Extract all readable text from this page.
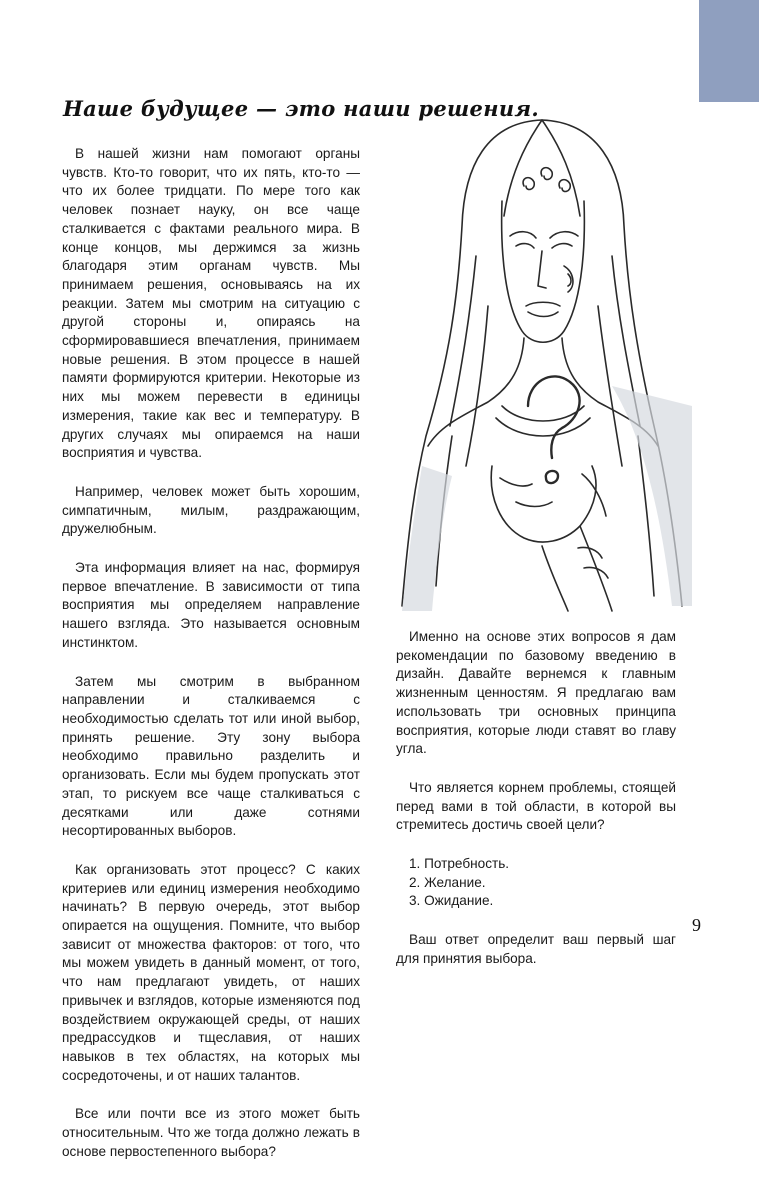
Наше будущее — это наши решения.

В нашей жизни нам помогают органы чувств. Кто-то говорит, что их пять, кто-то — что их более тридцати. По мере того как человек познает науку, он все чаще сталкивается с фактами реального мира. В конце концов, мы держимся за жизнь благодаря этим органам чувств. Мы принимаем решения, основываясь на их реакции. Затем мы смотрим на ситуацию с другой стороны и, опираясь на сформировавшиеся впечатления, принимаем новые решения. В этом процессе в нашей памяти формируются критерии. Некоторые из них мы можем перевести в единицы измерения, такие как вес и температуру. В других случаях мы опираемся на наши восприятия и чувства.

Например, человек может быть хорошим, симпатичным, милым, раздражающим, дружелюбным.

Эта информация влияет на нас, формируя первое впечатление. В зависимости от типа восприятия мы определяем направление нашего взгляда. Это называется основным инстинктом.

Затем мы смотрим в выбранном направлении и сталкиваемся с необходимостью сделать тот или иной выбор, принять решение. Эту зону выбора необходимо правильно разделить и организовать. Если мы будем пропускать этот этап, то рискуем все чаще сталкиваться с десятками или даже сотнями несортированных выборов.

Как организовать этот процесс? С каких критериев или единиц измерения необходимо начинать? В первую очередь, этот выбор опирается на ощущения. Помните, что выбор зависит от множества факторов: от того, что мы можем увидеть в данный момент, от того, что нам предлагают увидеть, от наших привычек и взглядов, которые изменяются под воздействием окружающей среды, от наших предрассудков и тщеславия, от наших навыков в тех областях, на которых мы сосредоточены, и от наших талантов.

Все или почти все из этого может быть относительным. Что же тогда должно лежать в основе первостепенного выбора?

Именно на основе этих вопросов я дам рекомендации по базовому введению в дизайн. Давайте вернемся к главным жизненным ценностям. Я предлагаю вам использовать три основных принципа восприятия, которые люди ставят во главу угла.

Что является корнем проблемы, стоящей перед вами в той области, в которой вы стремитесь достичь своей цели?

1. Потребность.
2. Желание.
3. Ожидание.

Ваш ответ определит ваш первый шаг для принятия выбора.

9
